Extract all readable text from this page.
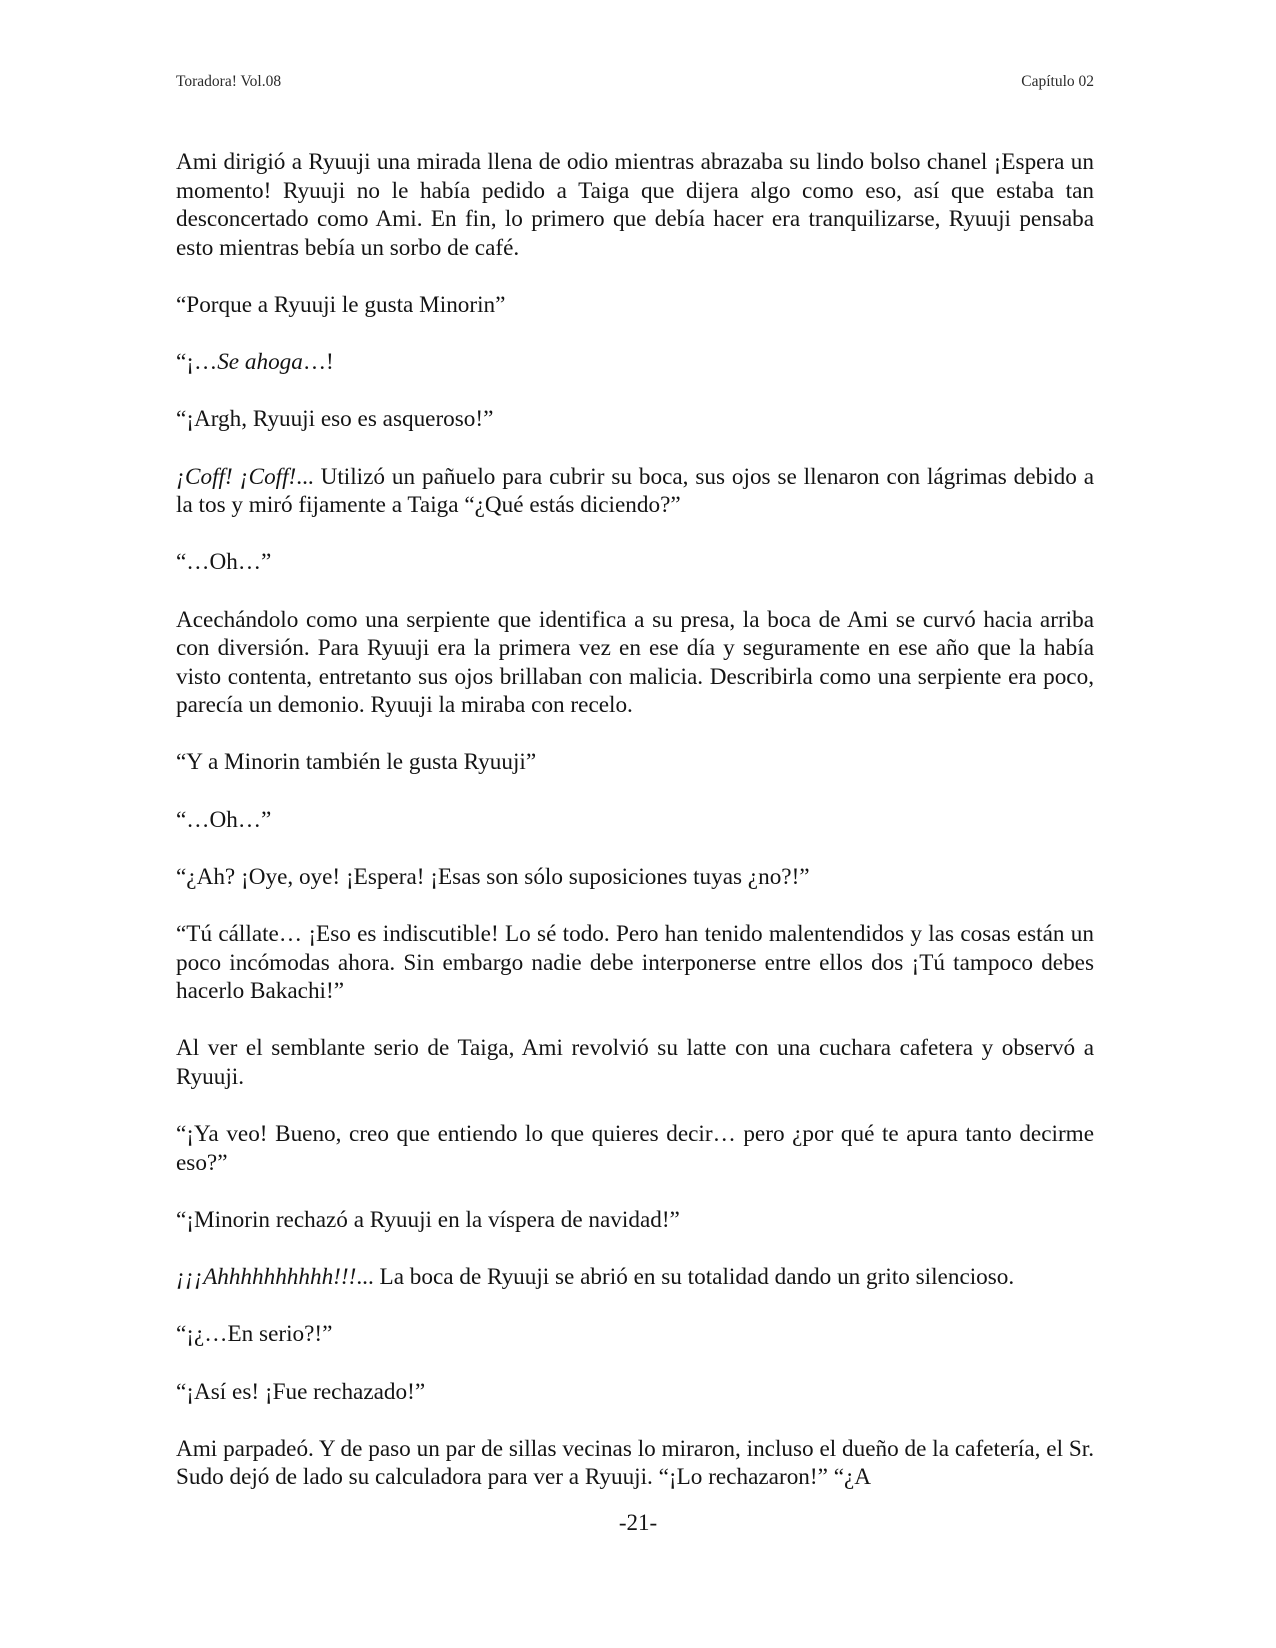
Toradora! Vol.08	Capítulo 02

Ami dirigió a Ryuuji una mirada llena de odio mientras abrazaba su lindo bolso chanel ¡Espera un momento! Ryuuji no le había pedido a Taiga que dijera algo como eso, así que estaba tan desconcertado como Ami. En fin, lo primero que debía hacer era tranquilizarse, Ryuuji pensaba esto mientras bebía un sorbo de café.

“Porque a Ryuuji le gusta Minorin”

“¡…Se ahoga…!

“¡Argh, Ryuuji eso es asqueroso!”

¡Coff! ¡Coff!... Utilizó un pañuelo para cubrir su boca, sus ojos se llenaron con lágrimas debido a la tos y miró fijamente a Taiga “¿Qué estás diciendo?”

“…Oh…”

Acechándolo como una serpiente que identifica a su presa, la boca de Ami se curvó hacia arriba con diversión. Para Ryuuji era la primera vez en ese día y seguramente en ese año que la había visto contenta, entretanto sus ojos brillaban con malicia. Describirla como una serpiente era poco, parecía un demonio. Ryuuji la miraba con recelo.

“Y a Minorin también le gusta Ryuuji”

“…Oh…”

“¿Ah? ¡Oye, oye! ¡Espera! ¡Esas son sólo suposiciones tuyas ¿no?!”

“Tú cállate… ¡Eso es indiscutible! Lo sé todo. Pero han tenido malentendidos y las cosas están un poco incómodas ahora. Sin embargo nadie debe interponerse entre ellos dos ¡Tú tampoco debes hacerlo Bakachi!”

Al ver el semblante serio de Taiga, Ami revolvió su latte con una cuchara cafetera y observó a Ryuuji.

“¡Ya veo! Bueno, creo que entiendo lo que quieres decir… pero ¿por qué te apura tanto decirme eso?”

“¡Minorin rechazó a Ryuuji en la víspera de navidad!”

¡¡¡Ahhhhhhhhhh!!!... La boca de Ryuuji se abrió en su totalidad dando un grito silencioso.

“¡¿…En serio?!”

“¡Así es! ¡Fue rechazado!”

Ami parpadeó. Y de paso un par de sillas vecinas lo miraron, incluso el dueño de la cafetería, el Sr. Sudo dejó de lado su calculadora para ver a Ryuuji. “¡Lo rechazaron!” “¿A

-21-
